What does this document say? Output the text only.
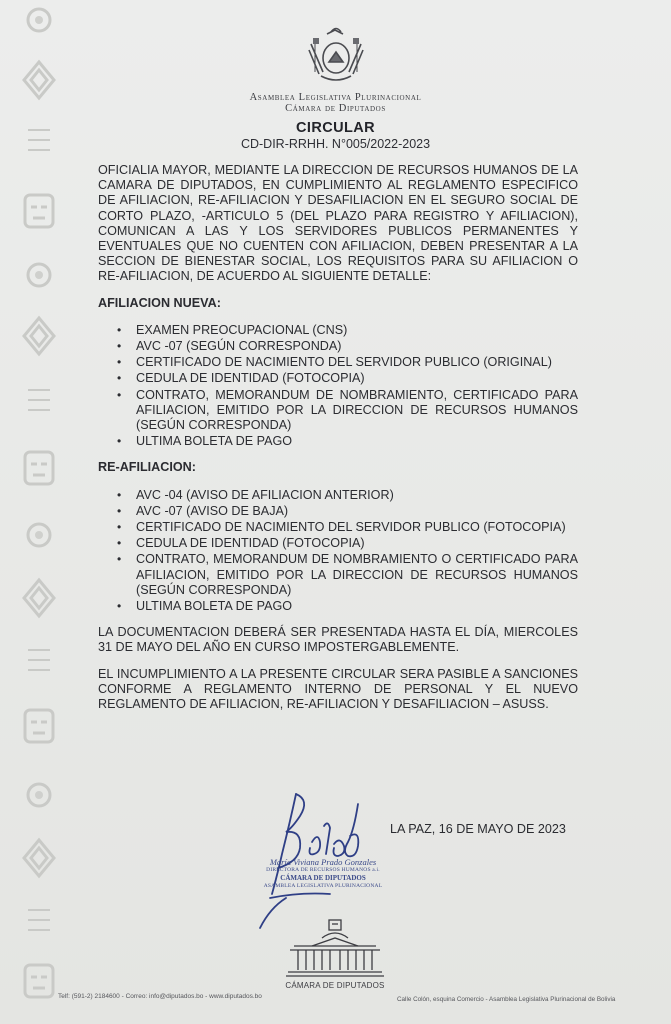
Asamblea Legislativa Plurinacional
Cámara de Diputados
CIRCULAR
CD-DIR-RRHH. N°005/2022-2023

OFICIALIA MAYOR, MEDIANTE LA DIRECCION DE RECURSOS HUMANOS DE LA CAMARA DE DIPUTADOS, EN CUMPLIMIENTO AL REGLAMENTO ESPECIFICO DE AFILIACION, RE-AFILIACION Y DESAFILIACION EN EL SEGURO SOCIAL DE CORTO PLAZO, -ARTICULO 5 (DEL PLAZO PARA REGISTRO Y AFILIACION), COMUNICAN A LAS Y LOS SERVIDORES PUBLICOS PERMANENTES Y EVENTUALES QUE NO CUENTEN CON AFILIACION, DEBEN PRESENTAR A LA SECCION DE BIENESTAR SOCIAL, LOS REQUISITOS PARA SU AFILIACION O RE-AFILIACION, DE ACUERDO AL SIGUIENTE DETALLE:

AFILIACION NUEVA:
• EXAMEN PREOCUPACIONAL (CNS)
• AVC -07 (SEGÚN CORRESPONDA)
• CERTIFICADO DE NACIMIENTO DEL SERVIDOR PUBLICO (ORIGINAL)
• CEDULA DE IDENTIDAD (FOTOCOPIA)
• CONTRATO, MEMORANDUM DE NOMBRAMIENTO, CERTIFICADO PARA AFILIACION, EMITIDO POR LA DIRECCION DE RECURSOS HUMANOS (SEGÚN CORRESPONDA)
• ULTIMA BOLETA DE PAGO
RE-AFILIACION:
• AVC -04 (AVISO DE AFILIACION ANTERIOR)
• AVC -07 (AVISO DE BAJA)
• CERTIFICADO DE NACIMIENTO DEL SERVIDOR PUBLICO (FOTOCOPIA)
• CEDULA DE IDENTIDAD (FOTOCOPIA)
• CONTRATO, MEMORANDUM DE NOMBRAMIENTO O CERTIFICADO PARA AFILIACION, EMITIDO POR LA DIRECCION DE RECURSOS HUMANOS (SEGÚN CORRESPONDA)
• ULTIMA BOLETA DE PAGO

LA DOCUMENTACION DEBERÁ SER PRESENTADA HASTA EL DÍA, MIERCOLES 31 DE MAYO DEL AÑO EN CURSO IMPOSTERGABLEMENTE.

EL INCUMPLIMIENTO A LA PRESENTE CIRCULAR SERA PASIBLE A SANCIONES CONFORME A REGLAMENTO INTERNO DE PERSONAL Y EL NUEVO REGLAMENTO DE AFILIACION, RE-AFILIACION Y DESAFILIACION – ASUSS.

LA PAZ, 16 DE MAYO DE 2023
María Viviana Prado Gonzales
DIRECTORA DE RECURSOS HUMANOS a.i.
CÁMARA DE DIPUTADOS
ASAMBLEA LEGISLATIVA PLURINACIONAL
CÁMARA DE DIPUTADOS
Telf: (591-2) 2184600 - Correo: info@diputados.bo - www.diputados.bo	Calle Colón, esquina Comercio - Asamblea Legislativa Plurinacional de Bolivia
